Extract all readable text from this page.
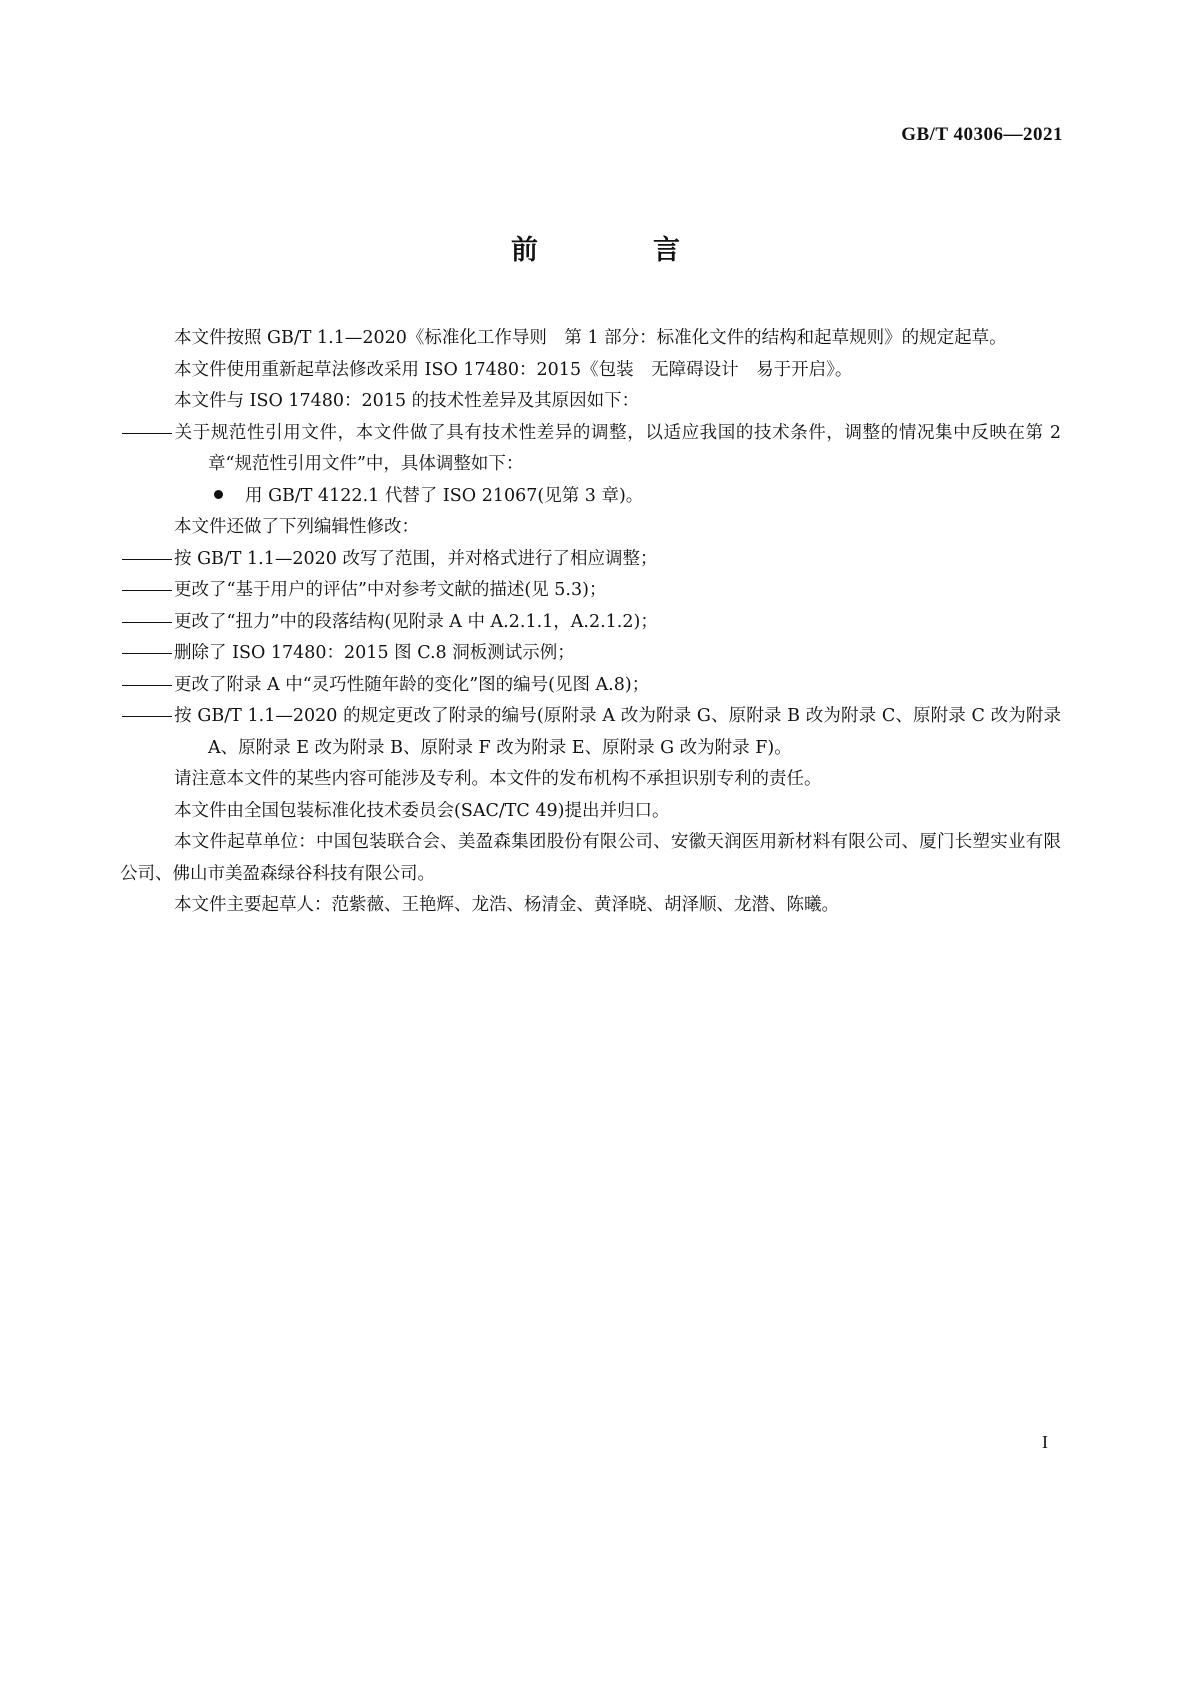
GB/T 40306—2021
前　言

本文件按照 GB/T 1.1—2020《标准化工作导则　第 1 部分：标准化文件的结构和起草规则》的规定起草。

本文件使用重新起草法修改采用 ISO 17480：2015《包装　无障碍设计　易于开启》。

本文件与 ISO 17480：2015 的技术性差异及其原因如下：

关于规范性引用文件，本文件做了具有技术性差异的调整，以适应我国的技术条件，调整的情况集中反映在第 2 章“规范性引用文件”中，具体调整如下：

用 GB/T 4122.1 代替了 ISO 21067(见第 3 章)。

本文件还做了下列编辑性修改：

按 GB/T 1.1—2020 改写了范围，并对格式进行了相应调整；

更改了“基于用户的评估”中对参考文献的描述(见 5.3)；

更改了“扭力”中的段落结构(见附录 A 中 A.2.1.1，A.2.1.2)；

删除了 ISO 17480：2015 图 C.8 洞板测试示例；

更改了附录 A 中“灵巧性随年龄的变化”图的编号(见图 A.8)；

按 GB/T 1.1—2020 的规定更改了附录的编号(原附录 A 改为附录 G、原附录 B 改为附录 C、原附录 C 改为附录 A、原附录 E 改为附录 B、原附录 F 改为附录 E、原附录 G 改为附录 F)。

请注意本文件的某些内容可能涉及专利。本文件的发布机构不承担识别专利的责任。

本文件由全国包装标准化技术委员会(SAC/TC 49)提出并归口。

本文件起草单位：中国包装联合会、美盈森集团股份有限公司、安徽天润医用新材料有限公司、厦门长塑实业有限公司、佛山市美盈森绿谷科技有限公司。

本文件主要起草人：范紫薇、王艳辉、龙浩、杨清金、黄泽晓、胡泽顺、龙潜、陈曦。

I
